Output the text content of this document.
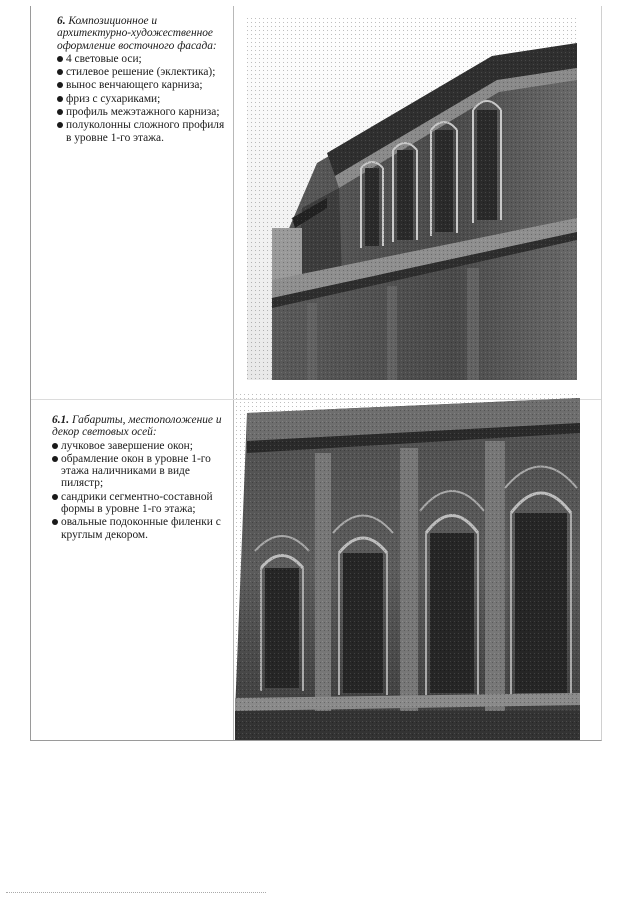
6. Композиционное и архитектурно-художественное оформление восточного фасада:

4 световые оси;
стилевое решение (эклектика);
вынос венчающего карниза;
фриз с сухариками;
профиль межэтажного карниза;
полуколонны сложного профиля в уровне 1-го этажа.

6.1. Габариты, местоположение и декор световых осей:

лучковое завершение окон;
обрамление окон в уровне 1-го этажа наличниками в виде пилястр;
сандрики сегментно-составной формы в уровне 1-го этажа;
овальные подоконные филенки с круглым декором.
